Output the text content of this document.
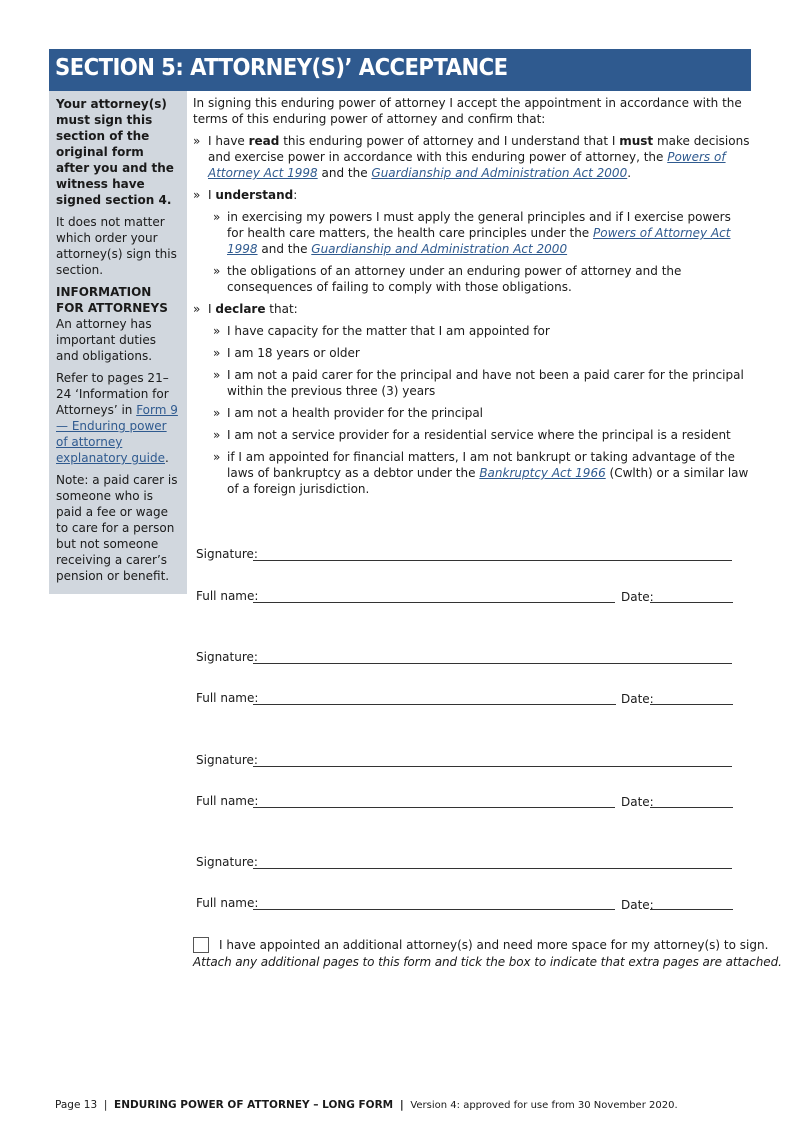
SECTION 5: ATTORNEY(S)’ ACCEPTANCE

Your attorney(s) must sign this section of the original form after you and the witness have signed section 4.

It does not matter which order your attorney(s) sign this section.

INFORMATION FOR ATTORNEYS

An attorney has important duties and obligations.

Refer to pages 21–24 ‘Information for Attorneys’ in Form 9 — Enduring power of attorney explanatory guide.

Note: a paid carer is someone who is paid a fee or wage to care for a person but not someone receiving a carer’s pension or benefit.

In signing this enduring power of attorney I accept the appointment in accordance with the terms of this enduring power of attorney and confirm that:

» I have read this enduring power of attorney and I understand that I must make decisions and exercise power in accordance with this enduring power of attorney, the Powers of Attorney Act 1998 and the Guardianship and Administration Act 2000.
» I understand:
» in exercising my powers I must apply the general principles and if I exercise powers for health care matters, the health care principles under the Powers of Attorney Act 1998 and the Guardianship and Administration Act 2000
» the obligations of an attorney under an enduring power of attorney and the consequences of failing to comply with those obligations.
» I declare that:
» I have capacity for the matter that I am appointed for
» I am 18 years or older
» I am not a paid carer for the principal and have not been a paid carer for the principal within the previous three (3) years
» I am not a health provider for the principal
» I am not a service provider for a residential service where the principal is a resident
» if I am appointed for financial matters, I am not bankrupt or taking advantage of the laws of bankruptcy as a debtor under the Bankruptcy Act 1966 (Cwlth) or a similar law of a foreign jurisdiction.
Signature:
Full name:	Date:
Signature:
Full name:	Date:
Signature:
Full name:	Date:
Signature:
Full name:	Date:
I have appointed an additional attorney(s) and need more space for my attorney(s) to sign.
Attach any additional pages to this form and tick the box to indicate that extra pages are attached.
Page 13 | ENDURING POWER OF ATTORNEY – LONG FORM | Version 4: approved for use from 30 November 2020.
